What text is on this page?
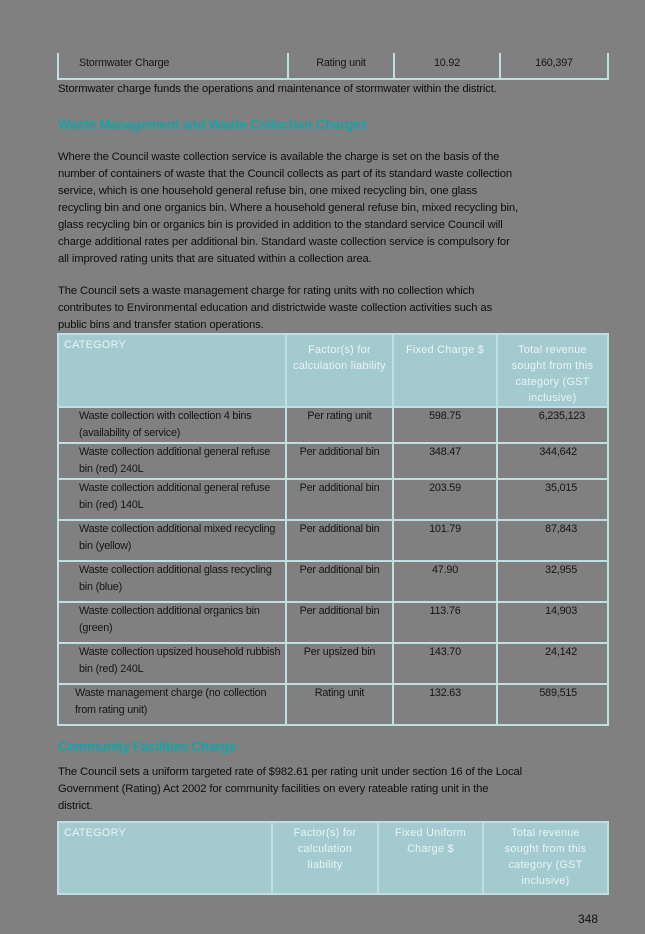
Stormwater Charge	Rating unit	10.92	160,397
Stormwater charge funds the operations and maintenance of stormwater within the district.
Waste Management and Waste Collection Charges
Where the Council waste collection service is available the charge is set on the basis of the
number of containers of waste that the Council collects as part of its standard waste collection
service, which is one household general refuse bin, one mixed recycling bin, one glass
recycling bin and one organics bin. Where a household general refuse bin, mixed recycling bin,
glass recycling bin or organics bin is provided in addition to the standard service Council will
charge additional rates per additional bin. Standard waste collection service is compulsory for
all improved rating units that are situated within a collection area.
The Council sets a waste management charge for rating units with no collection which
contributes to Environmental education and districtwide waste collection activities such as
public bins and transfer station operations.
CATEGORY	Factor(s) for calculation liability	Fixed Charge $	Total revenue sought from this category (GST inclusive)
Waste collection with collection 4 bins (availability of service)	Per rating unit	598.75	6,235,123
Waste collection additional general refuse bin (red) 240L	Per additional bin	348.47	344,642
Waste collection additional general refuse bin (red) 140L	Per additional bin	203.59	35,015
Waste collection additional mixed recycling bin (yellow)	Per additional bin	101.79	87,843
Waste collection additional glass recycling bin (blue)	Per additional bin	47.90	32,955
Waste collection additional organics bin (green)	Per additional bin	113.76	14,903
Waste collection upsized household rubbish bin (red) 240L	Per upsized bin	143.70	24,142
Waste management charge (no collection from rating unit)	Rating unit	132.63	589,515
Community Facilities Charge
The Council sets a uniform targeted rate of $982.61 per rating unit under section 16 of the Local
Government (Rating) Act 2002 for community facilities on every rateable rating unit in the
district.
CATEGORY	Factor(s) for calculation liability	Fixed Uniform Charge $	Total revenue sought from this category (GST inclusive)
348
